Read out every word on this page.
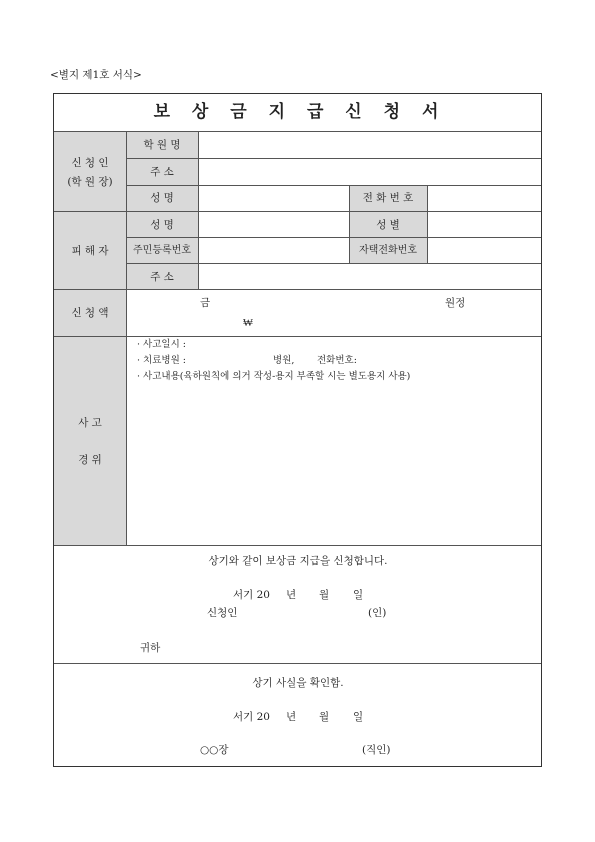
<별지 제1호 서식>
보 상 금 지 급 신 청 서
신 청 인
(학 원 장)
학 원 명
주 소
성 명	전 화 번 호
피 해 자
성 명	성 별
주민등록번호	자택전화번호
주 소
신 청 액
금	원정
₩
사 고
경 위
· 사고일시 :
· 치료병원 :	병원, 전화번호:
· 사고내용(육하원칙에 의거 작성-용지 부족할 시는 별도용지 사용)
상기와 같이 보상금 지급을 신청합니다.
서기 20 년 월 일
신청인	(인)
귀하
상기 사실을 확인함.
서기 20 년 월 일
○○장	(직인)
